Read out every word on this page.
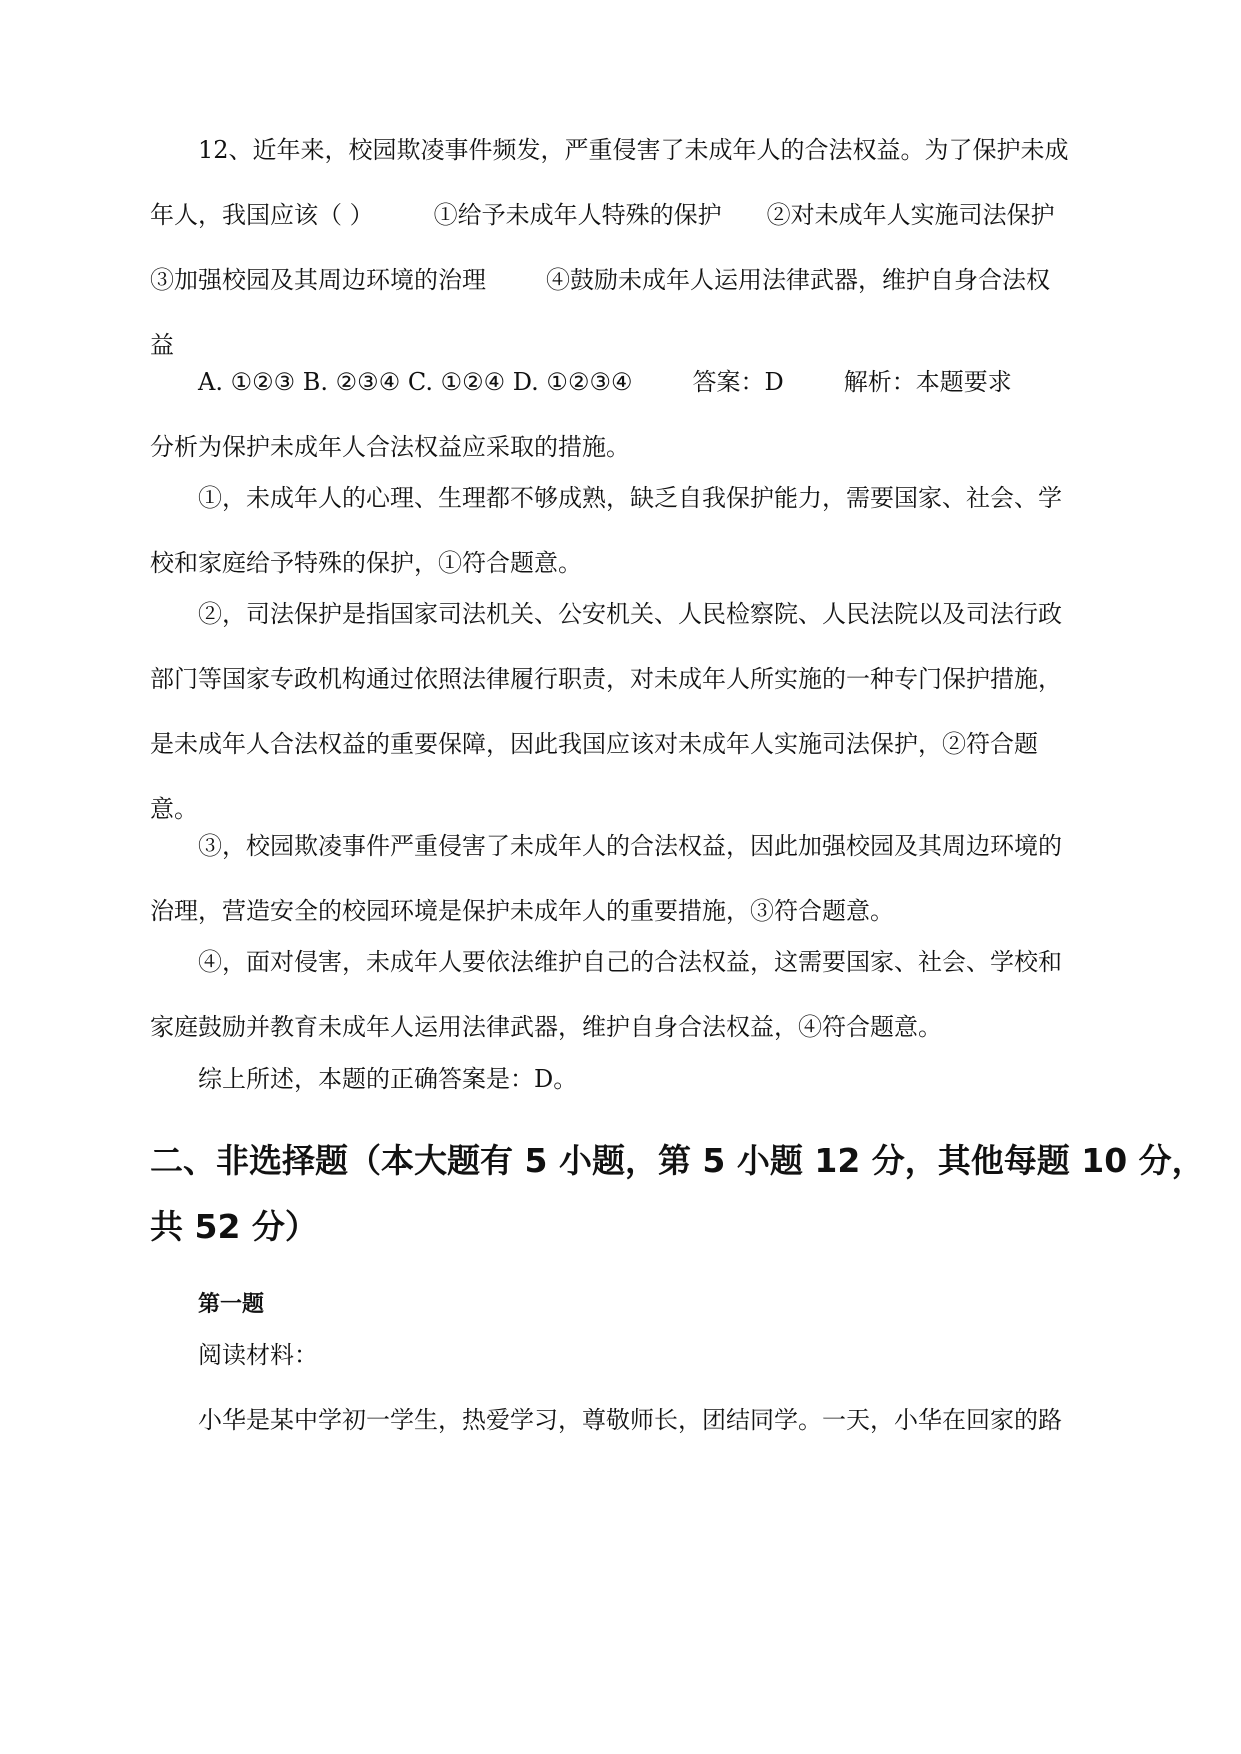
12、近年来，校园欺凌事件频发，严重侵害了未成年人的合法权益。为了保护未成
年人，我国应该（ ）	①给予未成年人特殊的保护 ②对未成年人实施司法保护
③加强校园及其周边环境的治理	④鼓励未成年人运用法律武器，维护自身合法权
益
A. ①②③ B. ②③④ C. ①②④ D. ①②③④	答案：D	解析：本题要求
分析为保护未成年人合法权益应采取的措施。
①，未成年人的心理、生理都不够成熟，缺乏自我保护能力，需要国家、社会、学
校和家庭给予特殊的保护，①符合题意。
②，司法保护是指国家司法机关、公安机关、人民检察院、人民法院以及司法行政
部门等国家专政机构通过依照法律履行职责，对未成年人所实施的一种专门保护措施，
是未成年人合法权益的重要保障，因此我国应该对未成年人实施司法保护，②符合题
意。
③，校园欺凌事件严重侵害了未成年人的合法权益，因此加强校园及其周边环境的
治理，营造安全的校园环境是保护未成年人的重要措施，③符合题意。
④，面对侵害，未成年人要依法维护自己的合法权益，这需要国家、社会、学校和
家庭鼓励并教育未成年人运用法律武器，维护自身合法权益，④符合题意。
综上所述，本题的正确答案是：D。
二、非选择题（本大题有 5 小题，第 5 小题 12 分，其他每题 10 分，
共 52 分）
第一题
阅读材料：
小华是某中学初一学生，热爱学习，尊敬师长，团结同学。一天，小华在回家的路
